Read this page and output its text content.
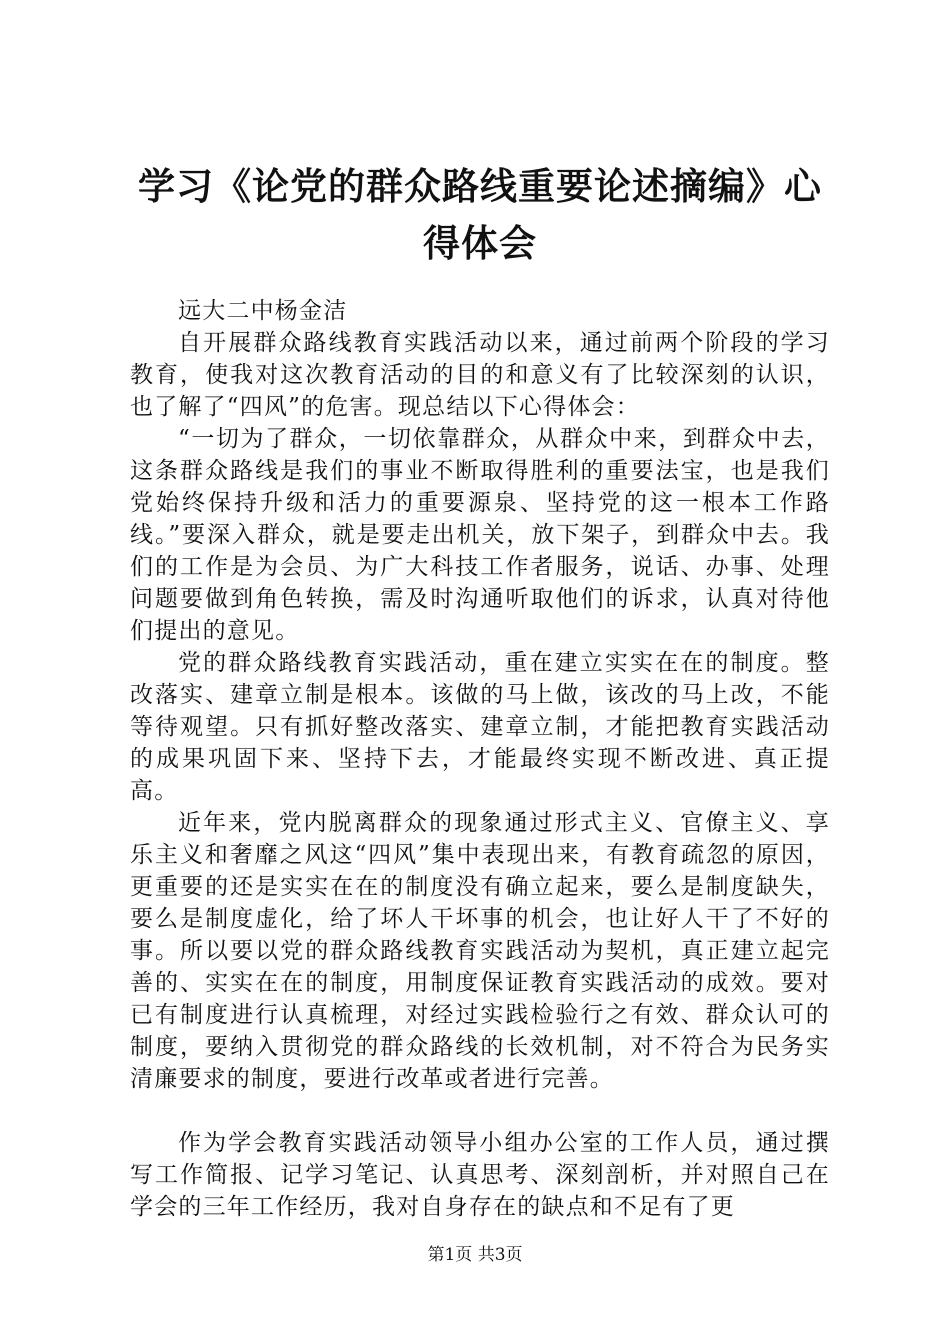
学习《论党的群众路线重要论述摘编》心得体会

远大二中杨金洁

自开展群众路线教育实践活动以来，通过前两个阶段的学习教育，使我对这次教育活动的目的和意义有了比较深刻的认识，也了解了“四风”的危害。现总结以下心得体会：

“一切为了群众，一切依靠群众，从群众中来，到群众中去，这条群众路线是我们的事业不断取得胜利的重要法宝，也是我们党始终保持升级和活力的重要源泉、坚持党的这一根本工作路线。”要深入群众，就是要走出机关，放下架子，到群众中去。我们的工作是为会员、为广大科技工作者服务，说话、办事、处理问题要做到角色转换，需及时沟通听取他们的诉求，认真对待他们提出的意见。

党的群众路线教育实践活动，重在建立实实在在的制度。整改落实、建章立制是根本。该做的马上做，该改的马上改，不能等待观望。只有抓好整改落实、建章立制，才能把教育实践活动的成果巩固下来、坚持下去，才能最终实现不断改进、真正提高。

近年来，党内脱离群众的现象通过形式主义、官僚主义、享乐主义和奢靡之风这“四风”集中表现出来，有教育疏忽的原因，更重要的还是实实在在的制度没有确立起来，要么是制度缺失，要么是制度虚化，给了坏人干坏事的机会，也让好人干了不好的事。所以要以党的群众路线教育实践活动为契机，真正建立起完善的、实实在在的制度，用制度保证教育实践活动的成效。要对已有制度进行认真梳理，对经过实践检验行之有效、群众认可的制度，要纳入贯彻党的群众路线的长效机制，对不符合为民务实清廉要求的制度，要进行改革或者进行完善。

作为学会教育实践活动领导小组办公室的工作人员，通过撰写工作简报、记学习笔记、认真思考、深刻剖析，并对照自己在学会的三年工作经历，我对自身存在的缺点和不足有了更

第1页 共3页
